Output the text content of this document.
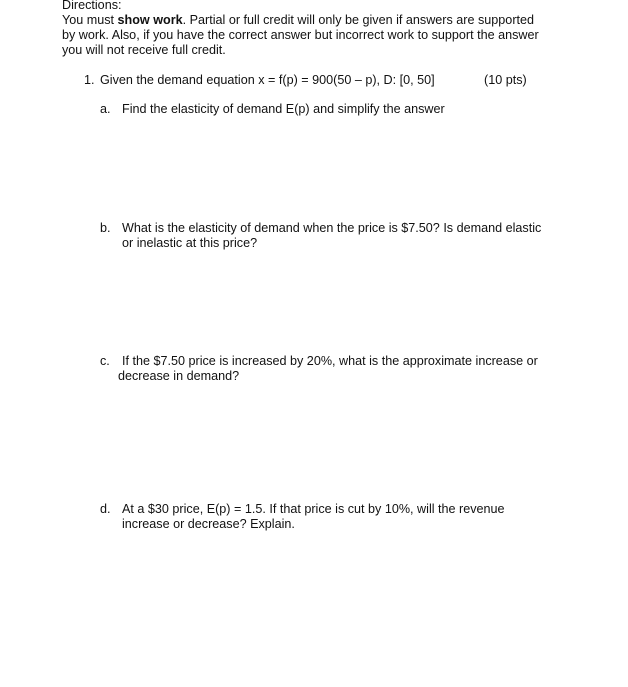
Directions:
You must show work. Partial or full credit will only be given if answers are supported
by work. Also, if you have the correct answer but incorrect work to support the answer
you will not receive full credit.
1. Given the demand equation x = f(p) = 900(50 – p), D: [0, 50]	(10 pts)
a. Find the elasticity of demand E(p) and simplify the answer
b. What is the elasticity of demand when the price is $7.50? Is demand elastic
or inelastic at this price?
c. If the $7.50 price is increased by 20%, what is the approximate increase or
decrease in demand?
d. At a $30 price, E(p) = 1.5. If that price is cut by 10%, will the revenue
increase or decrease? Explain.
